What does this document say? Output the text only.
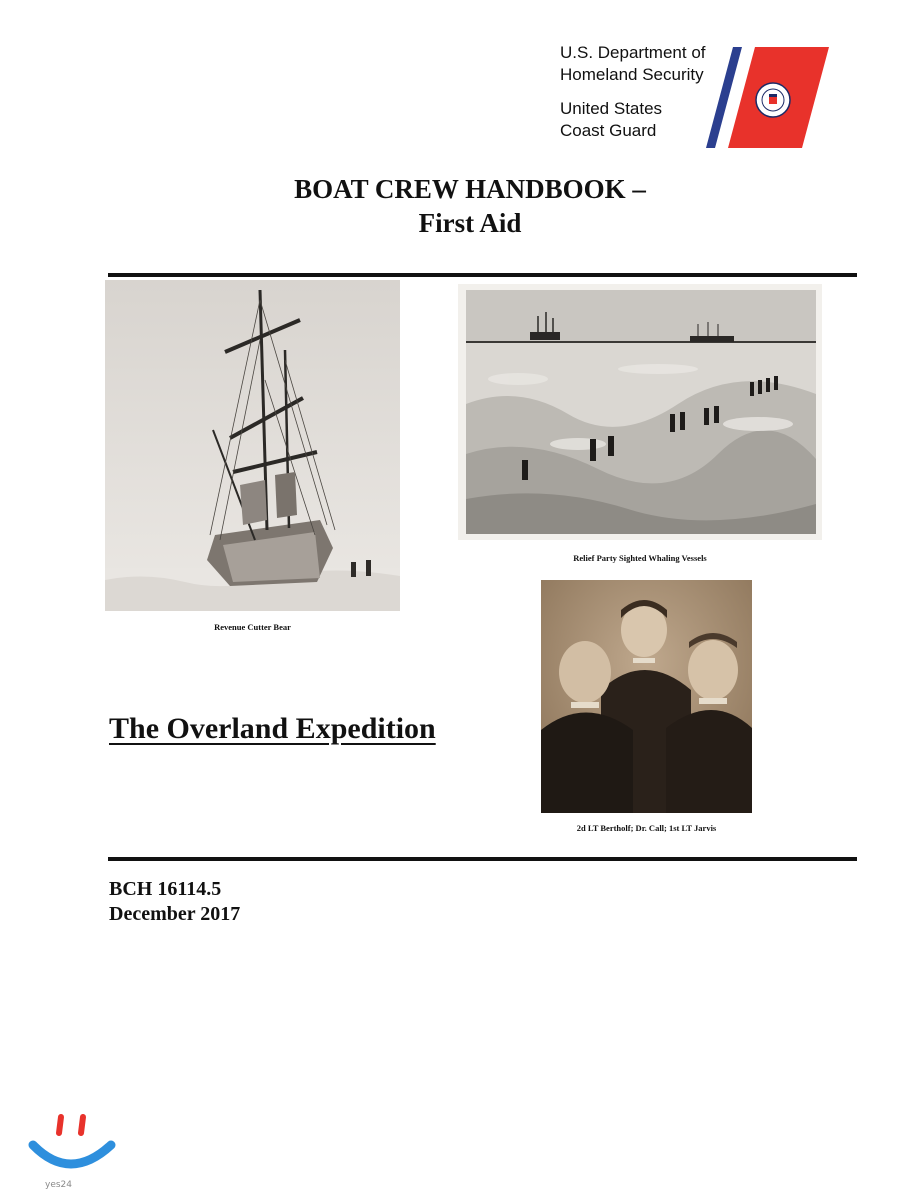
U.S. Department of
Homeland Security
United States
Coast Guard
BOAT CREW HANDBOOK –
First Aid
Revenue Cutter Bear
Relief Party Sighted Whaling Vessels
The Overland Expedition
2d LT Bertholf; Dr. Call; 1st LT Jarvis
BCH 16114.5
December 2017
yes24
